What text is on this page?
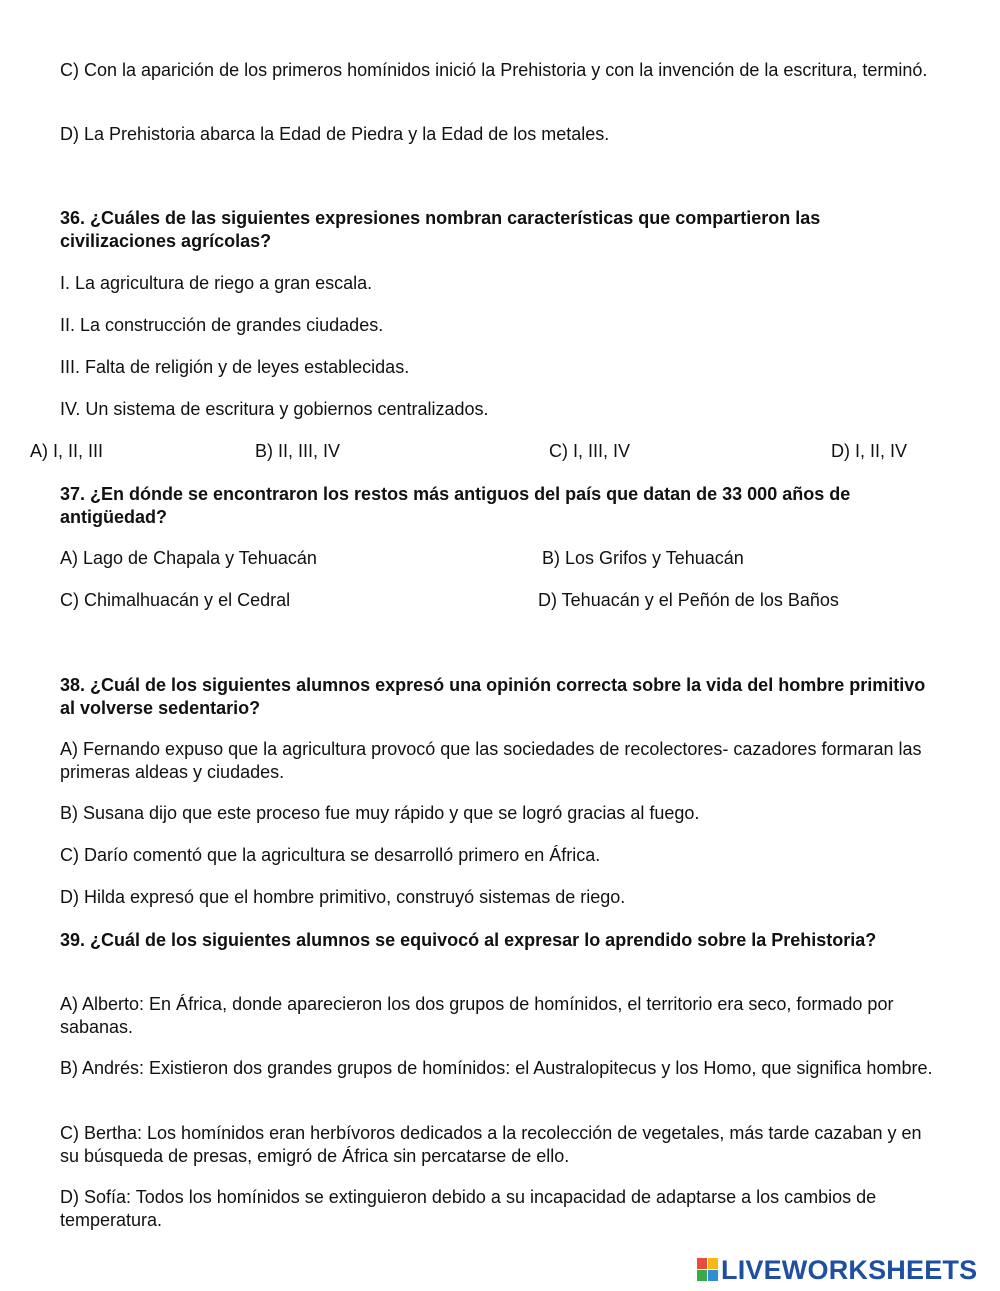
C) Con la aparición de los primeros homínidos inició la Prehistoria y con la invención de la escritura, terminó.

D) La Prehistoria abarca la Edad de Piedra y la Edad de los metales.

36. ¿Cuáles de las siguientes expresiones nombran características que compartieron las civilizaciones agrícolas?

I. La agricultura de riego a gran escala.

II. La construcción de grandes ciudades.

III. Falta de religión y de leyes establecidas.

IV. Un sistema de escritura y gobiernos centralizados.

A) I, II, III	B) II, III, IV	C) I, III, IV	D) I, II, IV

37. ¿En dónde se encontraron los restos más antiguos del país que datan de 33 000 años de antigüedad?

A) Lago de Chapala y Tehuacán	B) Los Grifos y Tehuacán
C) Chimalhuacán y el Cedral	D) Tehuacán y el Peñón de los Baños

38. ¿Cuál de los siguientes alumnos expresó una opinión correcta sobre la vida del hombre primitivo al volverse sedentario?

A) Fernando expuso que la agricultura provocó que las sociedades de recolectores- cazadores formaran las primeras aldeas y ciudades.

B) Susana dijo que este proceso fue muy rápido y que se logró gracias al fuego.

C) Darío comentó que la agricultura se desarrolló primero en África.

D) Hilda expresó que el hombre primitivo, construyó sistemas de riego.

39. ¿Cuál de los siguientes alumnos se equivocó al expresar lo aprendido sobre la Prehistoria?

A) Alberto: En África, donde aparecieron los dos grupos de homínidos, el territorio era seco, formado por sabanas.

B) Andrés: Existieron dos grandes grupos de homínidos: el Australopitecus y los Homo, que significa hombre.

C) Bertha: Los homínidos eran herbívoros dedicados a la recolección de vegetales, más tarde cazaban y en su búsqueda de presas, emigró de África sin percatarse de ello.

D) Sofía: Todos los homínidos se extinguieron debido a su incapacidad de adaptarse a los cambios de temperatura.

LIVEWORKSHEETS
